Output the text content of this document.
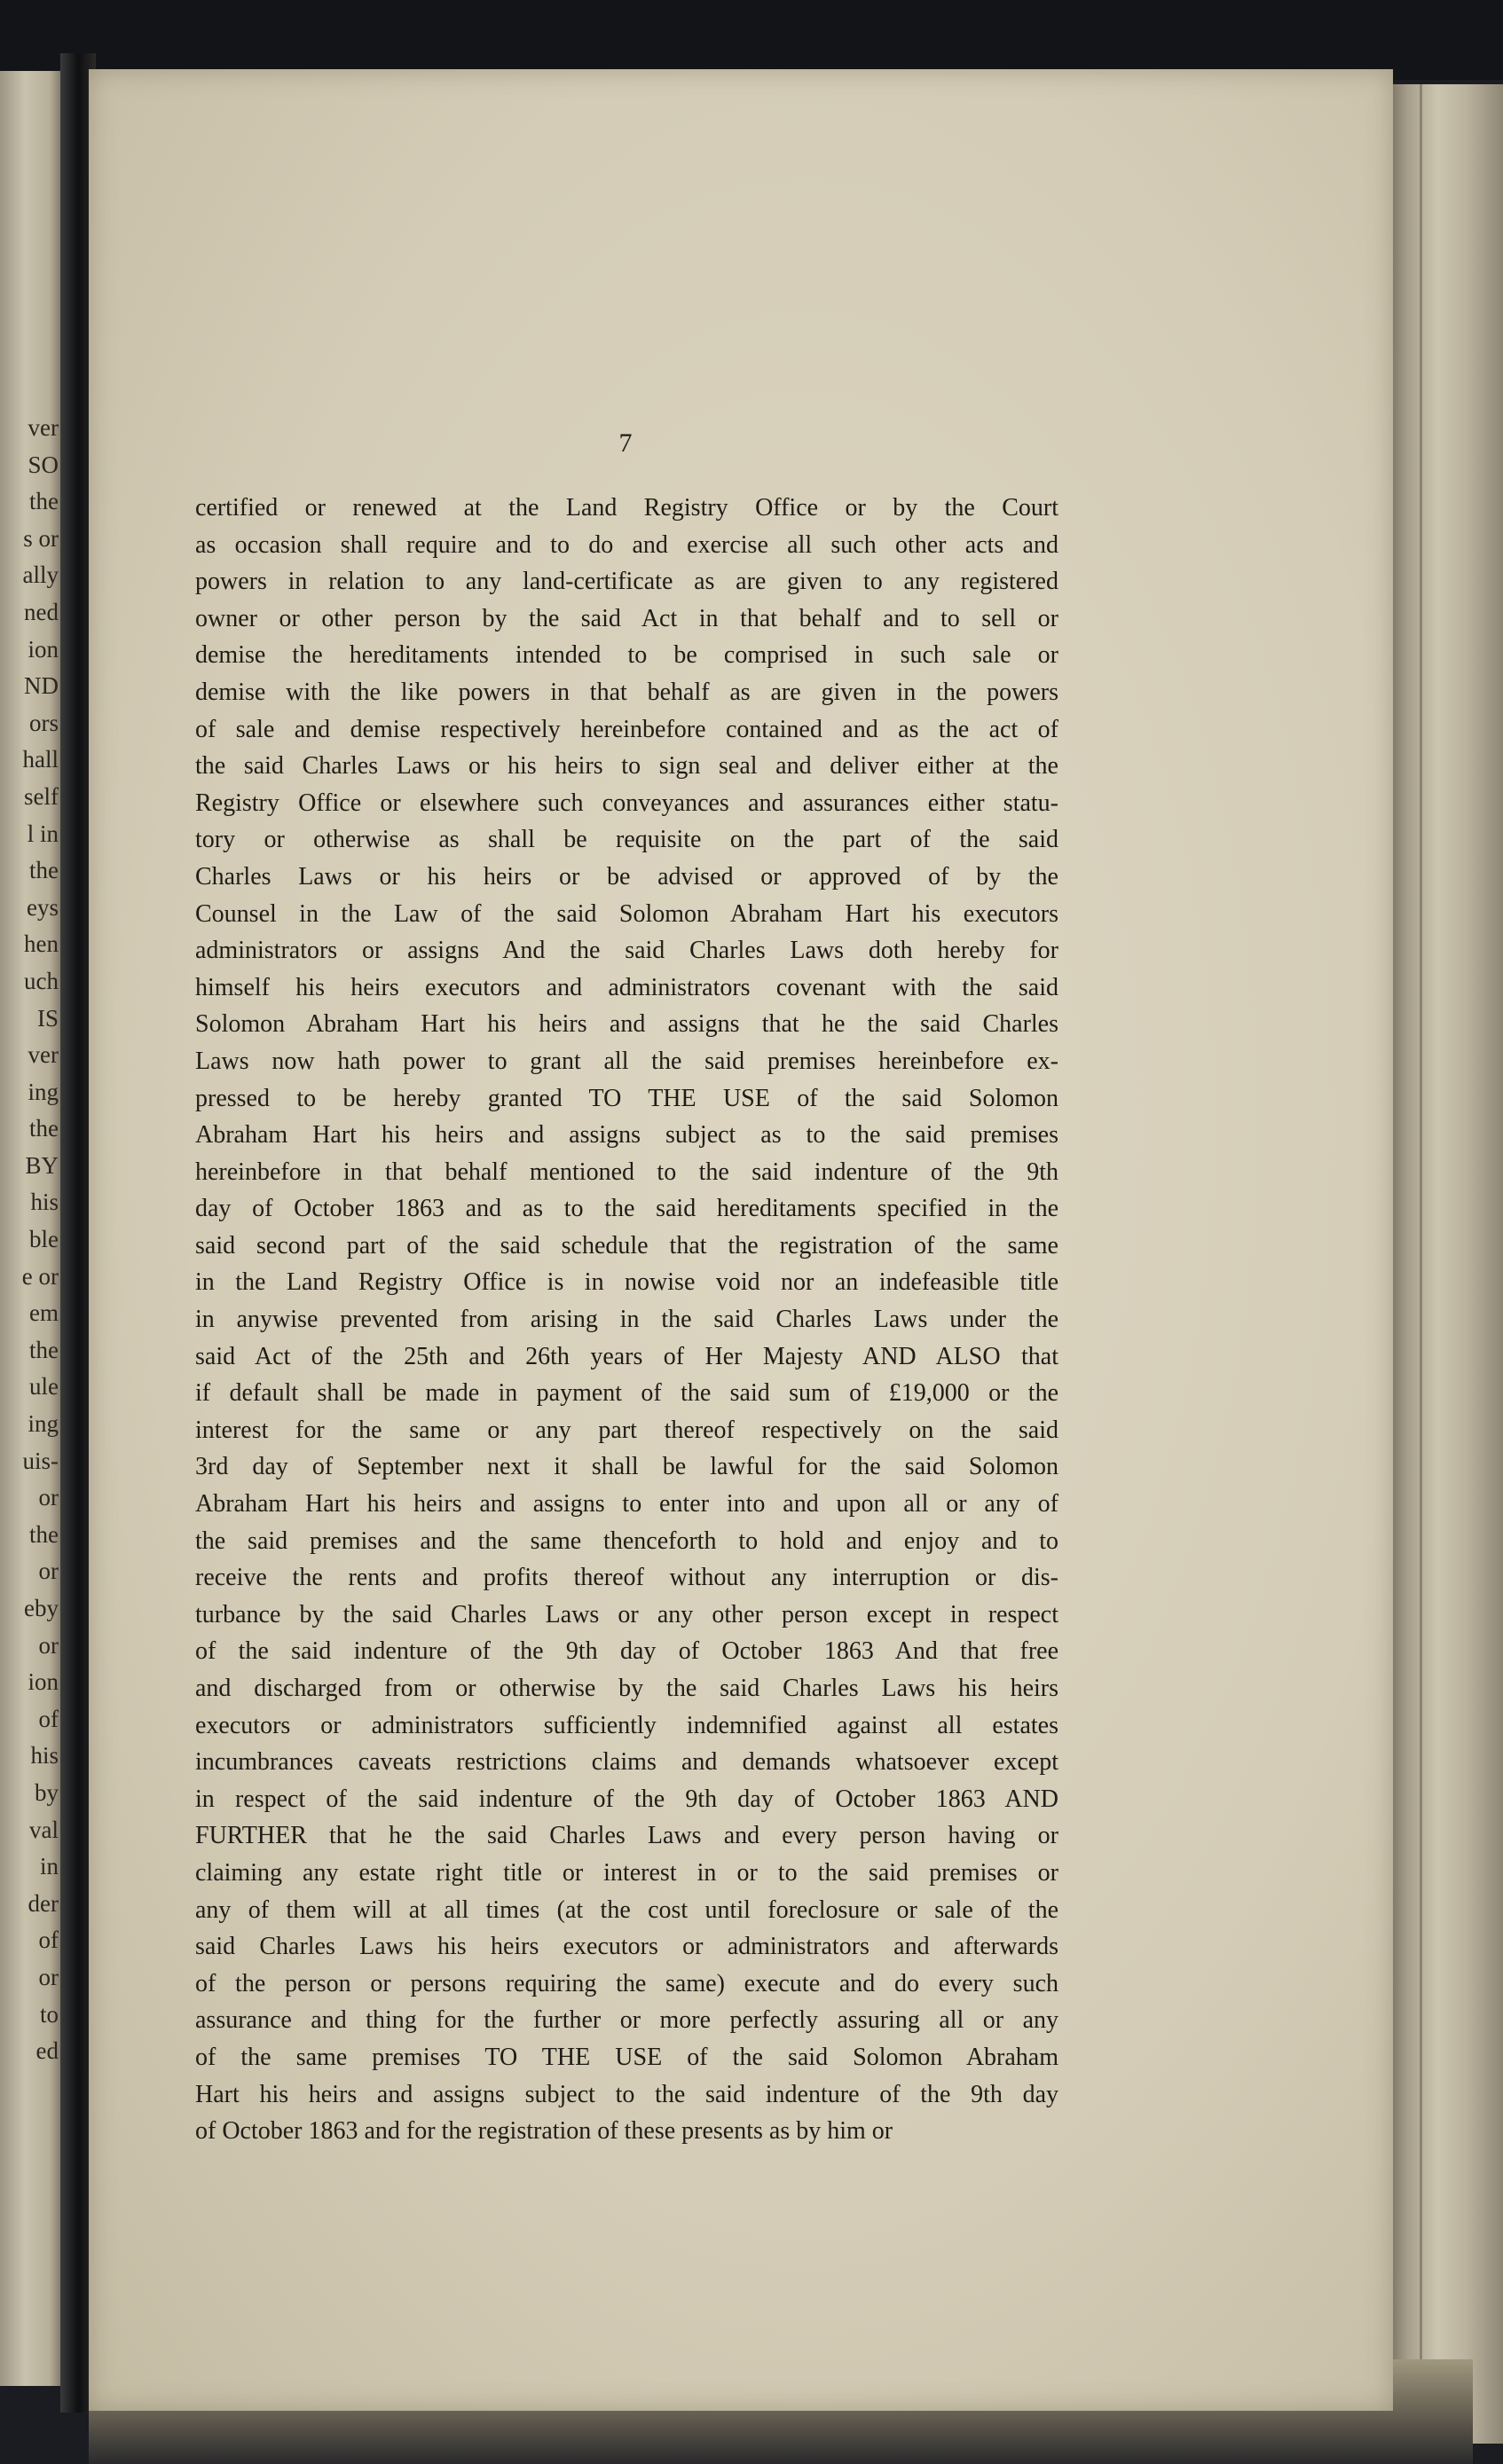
ver
SO
the
s or
ally
ned
ion
ND
ors
hall
self
l in
the
eys
hen
uch
IS
ver
ing
the
BY
his
ble
e or
em
the
ule
ing
uis-
or
the
or
eby
or
ion
of
his
by
val
in
der
of
or
to
ed
7
certified or renewed at the Land Registry Office or by the Court
as occasion shall require and to do and exercise all such other acts and
powers in relation to any land-certificate as are given to any registered
owner or other person by the said Act in that behalf and to sell or
demise the hereditaments intended to be comprised in such sale or
demise with the like powers in that behalf as are given in the powers
of sale and demise respectively hereinbefore contained and as the act of
the said Charles Laws or his heirs to sign seal and deliver either at the
Registry Office or elsewhere such conveyances and assurances either statu-
tory or otherwise as shall be requisite on the part of the said
Charles Laws or his heirs or be advised or approved of by the
Counsel in the Law of the said Solomon Abraham Hart his executors
administrators or assigns And the said Charles Laws doth hereby for
himself his heirs executors and administrators covenant with the said
Solomon Abraham Hart his heirs and assigns that he the said Charles
Laws now hath power to grant all the said premises hereinbefore ex-
pressed to be hereby granted TO THE USE of the said Solomon
Abraham Hart his heirs and assigns subject as to the said premises
hereinbefore in that behalf mentioned to the said indenture of the 9th
day of October 1863 and as to the said hereditaments specified in the
said second part of the said schedule that the registration of the same
in the Land Registry Office is in nowise void nor an indefeasible title
in anywise prevented from arising in the said Charles Laws under the
said Act of the 25th and 26th years of Her Majesty AND ALSO that
if default shall be made in payment of the said sum of £19,000 or the
interest for the same or any part thereof respectively on the said
3rd day of September next it shall be lawful for the said Solomon
Abraham Hart his heirs and assigns to enter into and upon all or any of
the said premises and the same thenceforth to hold and enjoy and to
receive the rents and profits thereof without any interruption or dis-
turbance by the said Charles Laws or any other person except in respect
of the said indenture of the 9th day of October 1863 And that free
and discharged from or otherwise by the said Charles Laws his heirs
executors or administrators sufficiently indemnified against all estates
incumbrances caveats restrictions claims and demands whatsoever except
in respect of the said indenture of the 9th day of October 1863 AND
FURTHER that he the said Charles Laws and every person having or
claiming any estate right title or interest in or to the said premises or
any of them will at all times (at the cost until foreclosure or sale of the
said Charles Laws his heirs executors or administrators and afterwards
of the person or persons requiring the same) execute and do every such
assurance and thing for the further or more perfectly assuring all or any
of the same premises TO THE USE of the said Solomon Abraham
Hart his heirs and assigns subject to the said indenture of the 9th day
of October 1863 and for the registration of these presents as by him or
